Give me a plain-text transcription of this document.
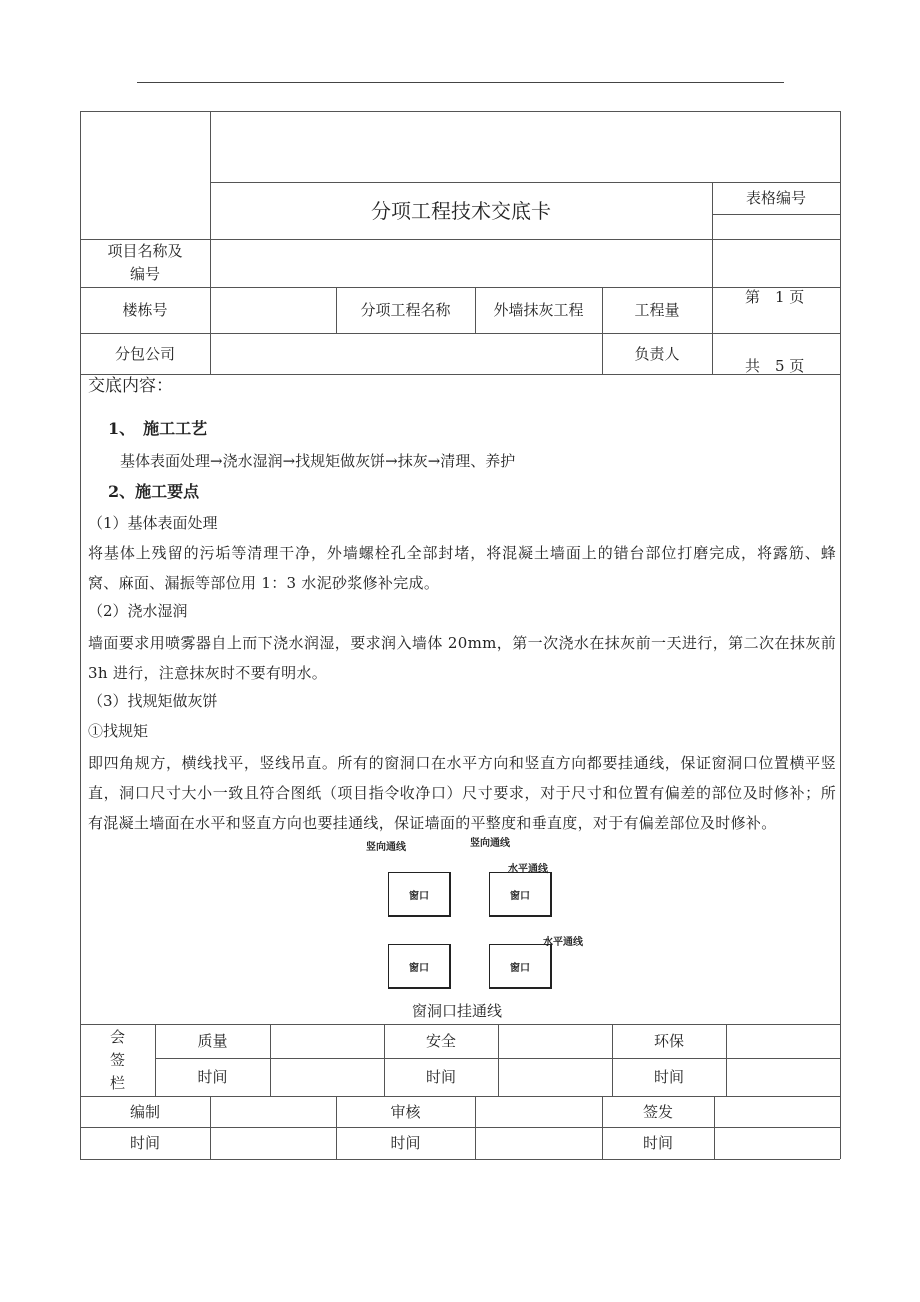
分项工程技术交底卡
表格编号
项目名称及
编号

第　1 页

共　5 页

楼栋号	分项工程名称	外墙抹灰工程	工程量
分包公司	负责人
交底内容：
1、　施工工艺
基体表面处理→浇水湿润→找规矩做灰饼→抹灰→清理、养护
2、施工要点
（1）基体表面处理
将基体上残留的污垢等清理干净，外墙螺栓孔全部封堵，将混凝土墙面上的错台部位打磨完成，将露筋、蜂窝、麻面、漏振等部位用 1：3 水泥砂浆修补完成。
（2）浇水湿润
墙面要求用喷雾器自上而下浇水润湿，要求润入墙体 20mm，第一次浇水在抹灰前一天进行，第二次在抹灰前 3h 进行，注意抹灰时不要有明水。
（3）找规矩做灰饼
①找规矩
即四角规方，横线找平，竖线吊直。所有的窗洞口在水平方向和竖直方向都要挂通线，保证窗洞口位置横平竖直，洞口尺寸大小一致且符合图纸（项目指令收净口）尺寸要求，对于尺寸和位置有偏差的部位及时修补；所有混凝土墙面在水平和竖直方向也要挂通线，保证墙面的平整度和垂直度，对于有偏差部位及时修补。
竖向通线	竖向通线
水平通线
水平通线
窗口	窗口
窗口	窗口
窗洞口挂通线
会
签
栏
质量	安全	环保
时间	时间	时间
编制	审核	签发
时间	时间	时间
